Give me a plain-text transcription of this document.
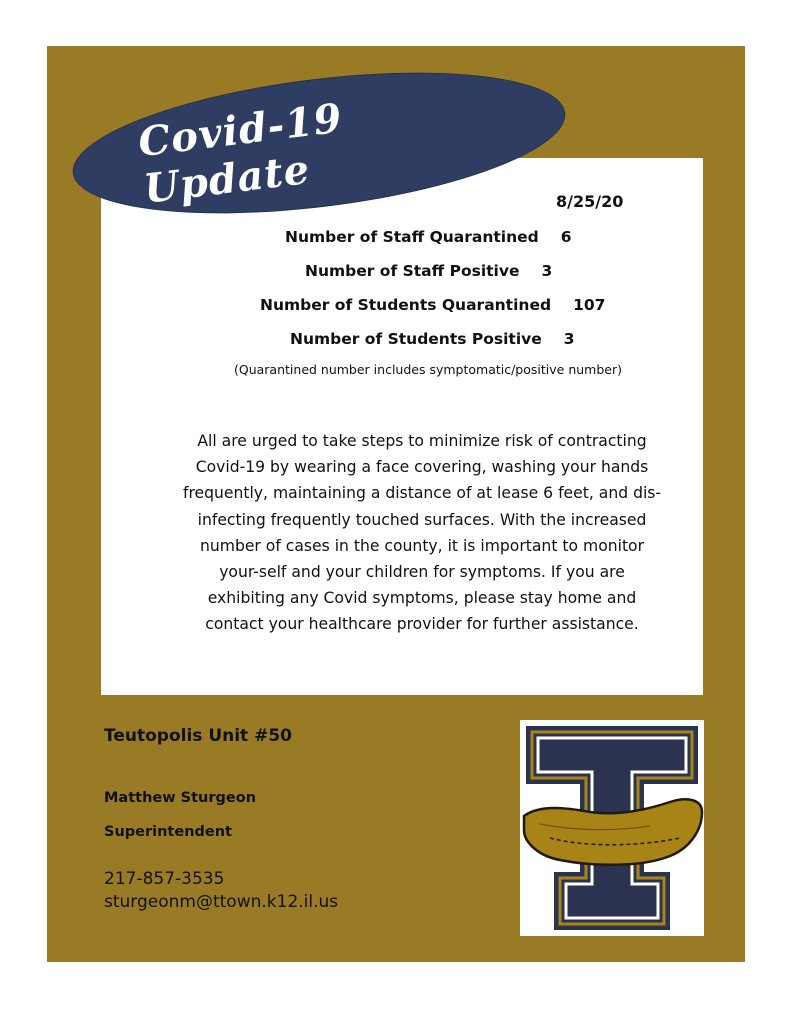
Covid-19 Update	8/25/20
Number of Staff Quarantined 6
Number of Staff Positive 3
Number of Students Quarantined 107
Number of Students Positive 3
(Quarantined number includes symptomatic/positive number)
All are urged to take steps to minimize risk of contracting Covid-19 by wearing a face covering, washing your hands frequently, maintaining a distance of at lease 6 feet, and dis-infecting frequently touched surfaces. With the increased number of cases in the county, it is important to monitor your-self and your children for symptoms. If you are exhibiting any Covid symptoms, please stay home and contact your healthcare provider for further assistance.
Teutopolis Unit #50
Matthew Sturgeon
Superintendent
217-857-3535
sturgeonm@ttown.k12.il.us
